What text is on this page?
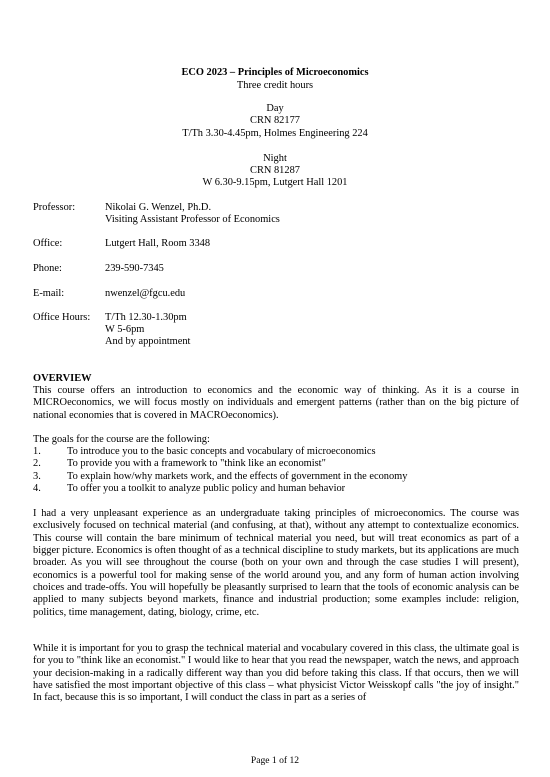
ECO 2023 – Principles of Microeconomics
Three credit hours
Day
CRN 82177
T/Th 3.30-4.45pm, Holmes Engineering 224
Night
CRN 81287
W 6.30-9.15pm, Lutgert Hall 1201
Professor:	Nikolai G. Wenzel, Ph.D.
Visiting Assistant Professor of Economics
Office:	Lutgert Hall, Room 3348
Phone:	239-590-7345
E-mail:	nwenzel@fgcu.edu
Office Hours: T/Th 12.30-1.30pm
W 5-6pm
And by appointment
OVERVIEW
This course offers an introduction to economics and the economic way of thinking. As it is a course in MICROeconomics, we will focus mostly on individuals and emergent patterns (rather than on the big picture of national economies that is covered in MACROeconomics).
The goals for the course are the following:
1.	To introduce you to the basic concepts and vocabulary of microeconomics
2.	To provide you with a framework to "think like an economist"
3.	To explain how/why markets work, and the effects of government in the economy
4.	To offer you a toolkit to analyze public policy and human behavior
I had a very unpleasant experience as an undergraduate taking principles of microeconomics. The course was exclusively focused on technical material (and confusing, at that), without any attempt to contextualize economics. This course will contain the bare minimum of technical material you need, but will treat economics as part of a bigger picture. Economics is often thought of as a technical discipline to study markets, but its applications are much broader. As you will see throughout the course (both on your own and through the case studies I will present), economics is a powerful tool for making sense of the world around you, and any form of human action involving choices and trade-offs. You will hopefully be pleasantly surprised to learn that the tools of economic analysis can be applied to many subjects beyond markets, finance and industrial production; some examples include: religion, politics, time management, dating, biology, crime, etc.
While it is important for you to grasp the technical material and vocabulary covered in this class, the ultimate goal is for you to "think like an economist." I would like to hear that you read the newspaper, watch the news, and approach your decision-making in a radically different way than you did before taking this class. If that occurs, then we will have satisfied the most important objective of this class – what physicist Victor Weisskopf calls "the joy of insight." In fact, because this is so important, I will conduct the class in part as a series of
Page 1 of 12
